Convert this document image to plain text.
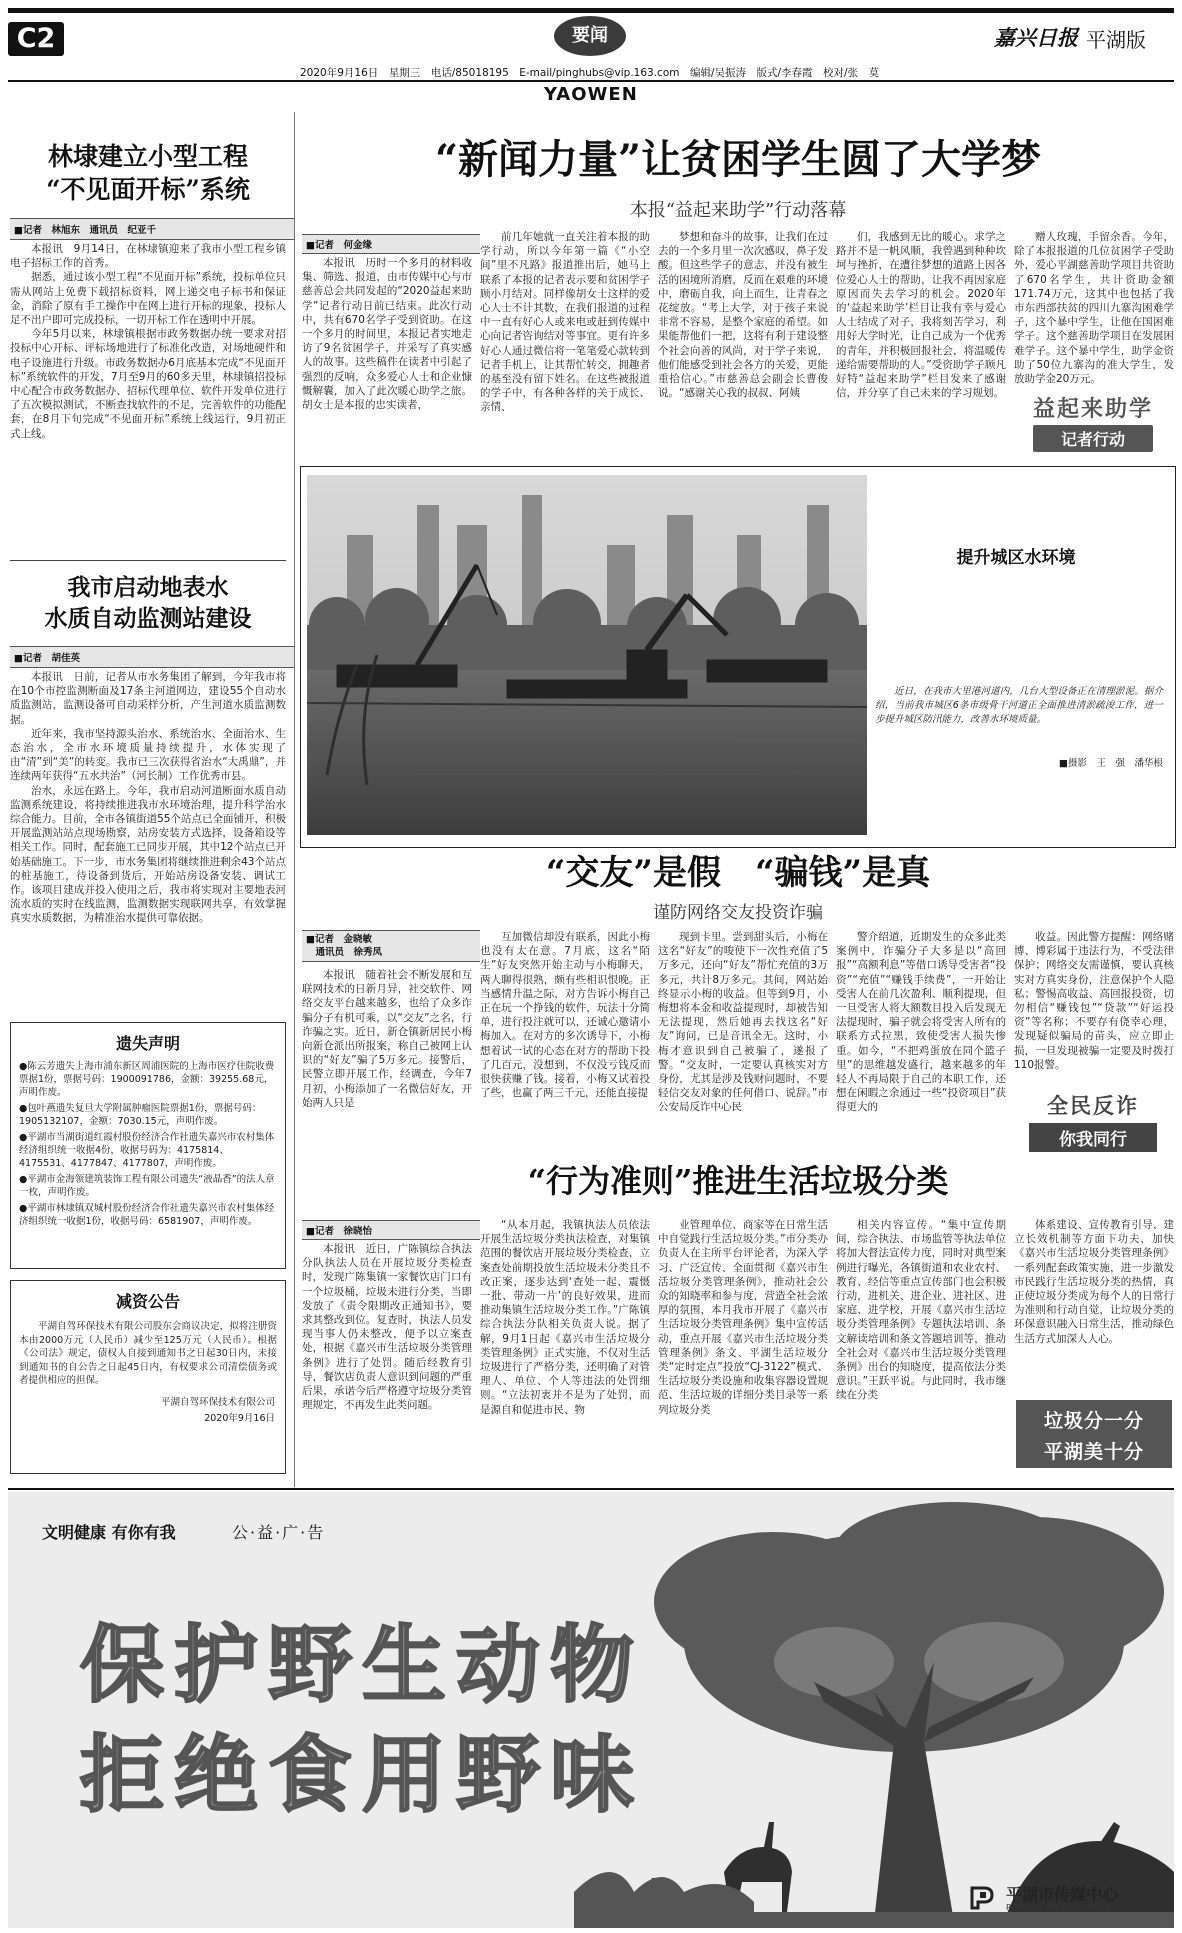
C2	要闻	嘉兴日报 平湖版
2020年9月16日　星期三　电话/85018195　E-mail/pinghubs@vip.163.com　编辑/吴振涛　版式/李春霞　校对/张　莫
YAOWEN
林埭建立小型工程
“不见面开标”系统
■记者　林旭东　通讯员　纪亚千

本报讯　9月14日，在林埭镇迎来了我市小型工程乡镇电子招标工作的首秀。

据悉，通过该小型工程“不见面开标”系统，投标单位只需从网站上免费下载招标资料，网上递交电子标书和保证金，消除了原有手工操作中在网上进行开标的现象，投标人足不出户即可完成投标，一切开标工作在透明中开展。

今年5月以来，林埭镇根据市政务数据办统一要求对招投标中心开标、评标场地进行了标准化改造，对场地硬件和电子设施进行升级。市政务数据办6月底基本完成“不见面开标”系统软件的开发，7月至9月的60多天里，林埭镇招投标中心配合市政务数据办、招标代理单位、软件开发单位进行了五次模拟测试，不断查找软件的不足，完善软件的功能配套，在8月下旬完成“不见面开标”系统上线运行，9月初正式上线。

我市启动地表水
水质自动监测站建设
■记者　胡佳英

本报讯　日前，记者从市水务集团了解到，今年我市将在10个市控监测断面及17条主河道网边，建设55个自动水质监测站，监测设备可自动采样分析，产生河道水质监测数据。

近年来，我市坚持源头治水、系统治水、全面治水、生态治水，全市水环境质量持续提升，水体实现了由“清”到“美”的转变。我市已三次获得省治水“大禹鼎”，并连续两年获得“五水共治”（河长制）工作优秀市县。

治水，永远在路上。今年，我市启动河道断面水质自动监测系统建设，将持续推进我市水环境治理，提升科学治水综合能力。目前，全市各镇街道55个站点已全面铺开，积极开展监测站站点现场勘察，站房安装方式选择，设备箱设等相关工作。同时，配套施工已同步开展，其中12个站点已开始基础施工。下一步，市水务集团将继续推进剩余43个站点的桩基施工，待设备到货后，开始站房设备安装、调试工作。该项目建成并投入使用之后，我市将实现对主要地表河流水质的实时在线监测，监测数据实现联网共享，有效掌握真实水质数据，为精准治水提供可靠依据。

遗失声明
●陈云芳遗失上海市浦东新区周浦医院的上海市医疗住院收费票据1份，票据号码：1900091786，金额：39255.68元，声明作废。
●包叶燕遗失复旦大学附属肿瘤医院票据1份，票据号码：1905132107，金额：7030.15元，声明作废。
●平湖市当湖街道红霞村股份经济合作社遗失嘉兴市农村集体经济组织统一收据4份，收据号码为：4175814、4175531、4177847、4177807，声明作废。
●平湖市金海领建筑装饰工程有限公司遗失“液晶香”的法人章一枚，声明作废。
●平湖市林埭镇双城村股份经济合作社遗失嘉兴市农村集体经济组织统一收据1份，收据号码：6581907，声明作废。
减资公告

平湖自驾环保技术有限公司股东会商议决定，拟将注册资本由2000万元（人民币）减少至125万元（人民币）。根据《公司法》规定，债权人自接到通知书之日起30日内，未接到通知书的自公告之日起45日内，有权要求公司清偿债务或者提供相应的担保。

平湖自驾环保技术有限公司
2020年9月16日
“新闻力量”让贫困学生圆了大学梦
本报“益起来助学”行动落幕
■记者　何金缘

本报讯　历时一个多月的材料收集、筛选、报道，由市传媒中心与市慈善总会共同发起的“2020益起来助学”记者行动日前已结束。此次行动中，共有670名学子受到资助。在这一个多月的时间里，本报记者实地走访了9名贫困学子，并采写了真实感人的故事。这些稿件在读者中引起了强烈的反响，众多爱心人士和企业慷慨解囊，加入了此次暖心助学之旅。胡女士是本报的忠实读者，

前几年她就一直关注着本报的助学行动，所以今年第一篇《“小空间”里不凡路》报道推出后，她马上联系了本报的记者表示要和贫困学子顾小月结对。同样像胡女士这样的爱心人士不计其数，在我们报道的过程中一直有好心人或来电或赶到传媒中心向记者咨询结对等事宜。更有许多好心人通过微信将一笔笔爱心款转到记者手机上，让其帮忙转交，拥趣者的基至没有留下姓名。在这些被报道的学子中，有各种各样的关于成长、亲情、

梦想和奋斗的故事，让我们在过去的一个多月里一次次感叹，鼻子发酸。但这些学子的意志，并没有被生活的困境所消磨，反而在艰难的环境中，磨砺自我，向上而生，让青春之花绽放。“考上大学，对于孩子来说非常不容易，是整个家庭的希望。如果能帮他们一把，这将有利于建设整个社会向善的风尚，对于学子来说，他们能感受到社会各方的关爱，更能重拾信心。”市慈善总会副会长曹俊说。“感谢关心我的叔叔、阿姨

们，我感到无比的暖心。求学之路并不是一帆风顺，我曾遇到种种坎坷与挫折，在遭往梦想的道路上因各位爱心人士的帮助，让我不再因家庭原因而失去学习的机会。2020年的‘益起来助学’栏目让我有幸与爱心人士结成了对子，我将刻苦学习，利用好大学时光，让自己成为一个优秀的青年，并积极回报社会，将温暖传递给需要帮助的人。”受资助学子顾凡好特“益起来助学”栏目发来了感谢信，并分享了自己未来的学习规划。

赠人玫瑰，手留余香。今年，除了本报报道的几位贫困学子受助外，爱心平湖慈善助学项目共资助了670名学生，共计资助金额171.74万元，这其中也包括了我市东西部扶贫的四川九寨沟困难学子，这个暴中学生，让他在国困难学子。这个慈善助学项目在发展困难学子。这个暴中学生，助学金资助了50位九寨沟的准大学生，发放助学金20万元。

益起来助学
记者行动
提升城区水环境
近日，在我市大里港河道内，几台大型设备正在清理淤泥。据介绍，当前我市城区6条市级骨干河道正全面推进清淤疏浚工作，进一步提升城区防汛能力，改善水环境质量。
■摄影　王　强　潘华根
“交友”是假　“骗钱”是真
谨防网络交友投资诈骗
■记者　金晓敏
　通讯员　徐秀凤

本报讯　随着社会不断发展和互联网技术的日新月异，社交软件、网络交友平台越来越多，也给了众多诈骗分子有机可乘，以“交友”之名，行诈骗之实。近日，新仓镇新居民小梅向新仓派出所报案，称自己被网上认识的“好友”骗了5万多元。接警后，民警立即开展工作，经调查，今年7月初，小梅添加了一名微信好友，开始两人只是

互加微信却没有联系，因此小梅也没有太在意。7月底，这名“陌生”好友突然开始主动与小梅聊天，两人聊得很熟，颇有些相识恨晚。正当感情升温之际，对方告诉小梅自己正在玩一个挣钱的软件，玩法十分简单，进行投注就可以，还诚心邀请小梅加入。在对方的多次诱导下，小梅想着试一试的心态在对方的帮助下投了几百元，没想到，不仅没亏钱反而很快获赚了钱。接着，小梅又试着投了些，也赢了两三千元，还能直接提

现到卡里。尝到甜头后，小梅在这名“好友”的唆使下一次性充值了5万多元，还向“好友”帮忙充值的3万多元，共计8万多元。其间，网站始终显示小梅的收益。但等到9月，小梅想将本金和收益提现时，却被告知无法提现，然后她再去找这名“好友”询问，已是音讯全无。这时，小梅才意识到自己被骗了，遂报了警。“交友时，一定要认真核实对方身份，尤其是涉及钱财问题时，不要轻信交友对象的任何借口、说辞。”市公安局反诈中心民

警介绍道，近期发生的众多此类案例中，诈骗分子大多是以“高回报”“高额利息”等借口诱导受害者“投资”“充值”“赚钱手续费”，一开始让受害人在前几次盈利、顺利提现，但一旦受害人将大额数目投入后发现无法提现时，骗子就会将受害人所有的联系方式拉黑，致使受害人损失惨重。如今，“不把鸡蛋放在同个篮子里”的思维越发盛行，越来越多的年轻人不再局限于自己的本职工作，还想在闲暇之余通过一些“投资项目”获得更大的

收益。因此警方提醒：网络赌博、博彩属于违法行为，不受法律保护；网络交友需谨慎，要认真核实对方真实身份，注意保护个人隐私；警惕高收益、高回报投资，切勿相信“赚钱包”“贷款”“好运投资”等名称；不要存有侥幸心理，发现疑似骗局的苗头，应立即止损，一旦发现被骗一定要及时拨打110报警。

全民反诈
你我同行
“行为准则”推进生活垃圾分类
■记者　徐晓怡

本报讯　近日，广陈镇综合执法分队执法人员在开展垃圾分类检查时，发现广陈集镇一家餐饮店门口有一个垃圾桶，垃圾未进行分类，当即发放了《责令限期改正通知书》，要求其整改到位。复查时，执法人员发现当事人仍未整改，便予以立案查处，根据《嘉兴市生活垃圾分类管理条例》进行了处罚。随后经教育引导，餐饮店负责人意识到问题的严重后果，承诺今后严格遵守垃圾分类管理规定，不再发生此类问题。

“从本月起，我镇执法人员依法开展生活垃圾分类执法检查，对集镇范围的餐饮店开展垃圾分类检查，立案查处前期投放生活垃圾未分类且不改正案，逐步达到‘查处一起、震慑一批、带动一片’的良好效果，进而推动集镇生活垃圾分类工作。”广陈镇综合执法分队相关负责人说。据了解，9月1日起《嘉兴市生活垃圾分类管理条例》正式实施，不仅对生活垃圾进行了严格分类，还明确了对管理人、单位、个人等违法的处罚细则。“立法初衷并不是为了处罚，而是源自和促进市民、物

业管理单位、商家等在日常生活中自觉践行生活垃圾分类。”市分类办负责人在主所平台评论者，为深入学习、广泛宣传、全面贯彻《嘉兴市生活垃圾分类管理条例》，推动社会公众的知晓率和参与度，营造全社会浓厚的氛围，本月我市开展了《嘉兴市生活垃圾分类管理条例》集中宣传活动，重点开展《嘉兴市生活垃圾分类管理条例》条文、平湖生活垃圾分类“定时定点”投放“CJ-3122”模式、生活垃圾分类设施和收集容器设置规范、生活垃圾的详细分类目录等一系列垃圾分类

相关内容宣传。“集中宣传期间，综合执法、市场监管等执法单位将加大督法宣传力度，同时对典型案例进行曝光，各镇街道和农业农村、教育、经信等重点宣传部门也会积极行动，进机关、进企业、进社区、进家庭、进学校，开展《嘉兴市生活垃圾分类管理条例》专题执法培训、条文解读培训和条文答题培训等，推动全社会对《嘉兴市生活垃圾分类管理条例》出台的知晓度，提高依法分类意识。”王跃平说。与此同时，我市继续在分类

体系建设、宣传教育引导、建立长效机制等方面下功夫，加快《嘉兴市生活垃圾分类管理条例》一系列配套政策实施，进一步激发市民践行生活垃圾分类的热情，真正使垃圾分类成为每个人的日常行为准则和行动自觉，让垃圾分类的环保意识融入日常生活，推动绿色生活方式加深人人心。

垃圾分一分
平湖美十分
文明健康 有你有我	公·益·广·告
保护野生动物
拒绝食用野味
平湖市传媒中心
PINGHU MEDIA CENTER
